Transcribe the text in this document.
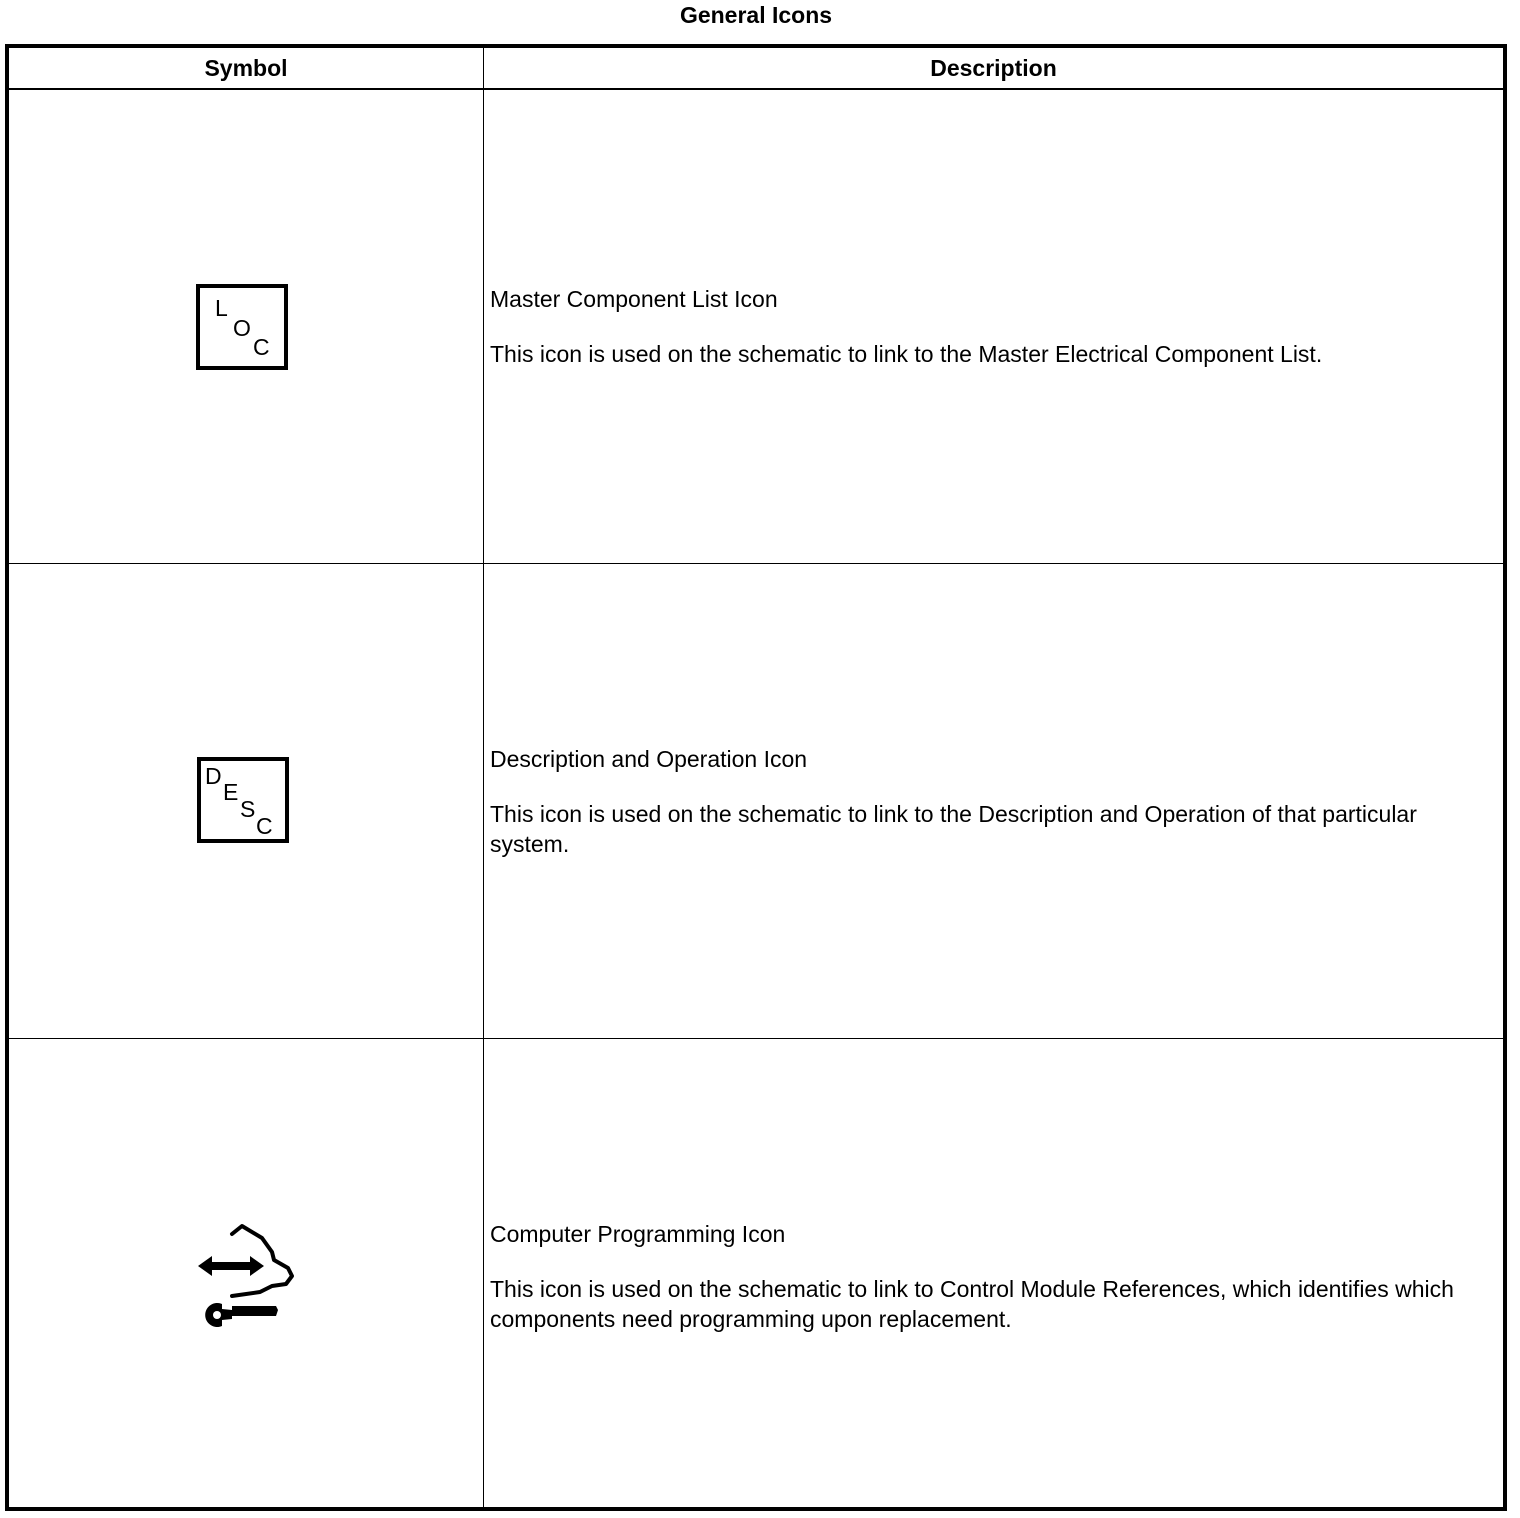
General Icons
Symbol	Description
L
O
C

Master Component List Icon

This icon is used on the schematic to link to the Master Electrical Component List.

D
E
S
C

Description and Operation Icon

This icon is used on the schematic to link to the Description and Operation of that particular system.

Computer Programming Icon

This icon is used on the schematic to link to Control Module References, which identifies which components need programming upon replacement.
